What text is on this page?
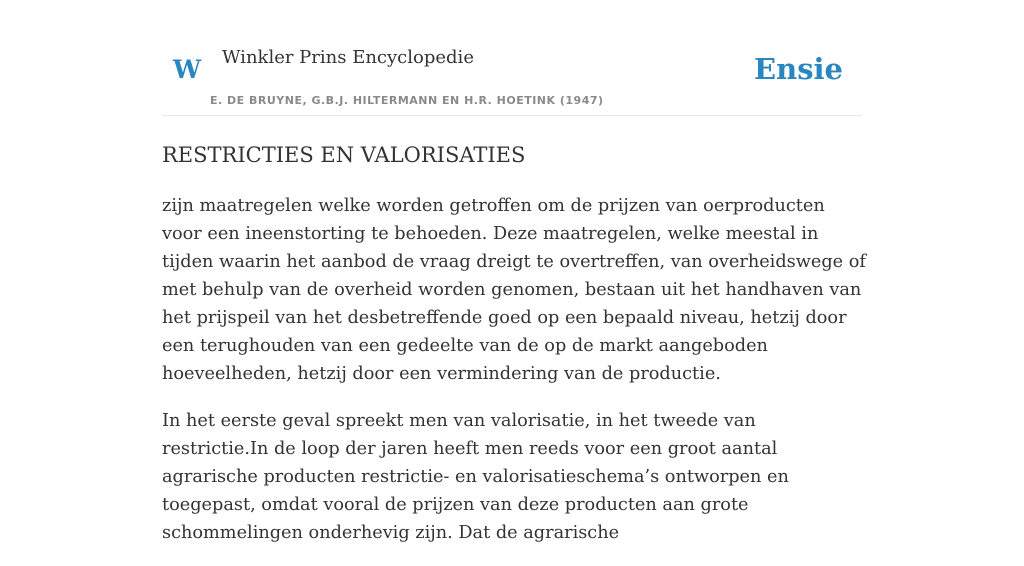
W Winkler Prins Encyclopedie
E. DE BRUYNE, G.B.J. HILTERMANN EN H.R. HOETINK (1947)
Ensie
RESTRICTIES EN VALORISATIES

zijn maatregelen welke worden getroffen om de prijzen van oerproducten voor een ineenstorting te behoeden. Deze maatregelen, welke meestal in tijden waarin het aanbod de vraag dreigt te overtreffen, van overheidswege of met behulp van de overheid worden genomen, bestaan uit het handhaven van het prijspeil van het desbetreffende goed op een bepaald niveau, hetzij door een terughouden van een gedeelte van de op de markt aangeboden hoeveelheden, hetzij door een vermindering van de productie.

In het eerste geval spreekt men van valorisatie, in het tweede van restrictie.In de loop der jaren heeft men reeds voor een groot aantal agrarische producten restrictie- en valorisatieschema’s ontworpen en toegepast, omdat vooral de prijzen van deze producten aan grote schommelingen onderhevig zijn. Dat de agrarische
